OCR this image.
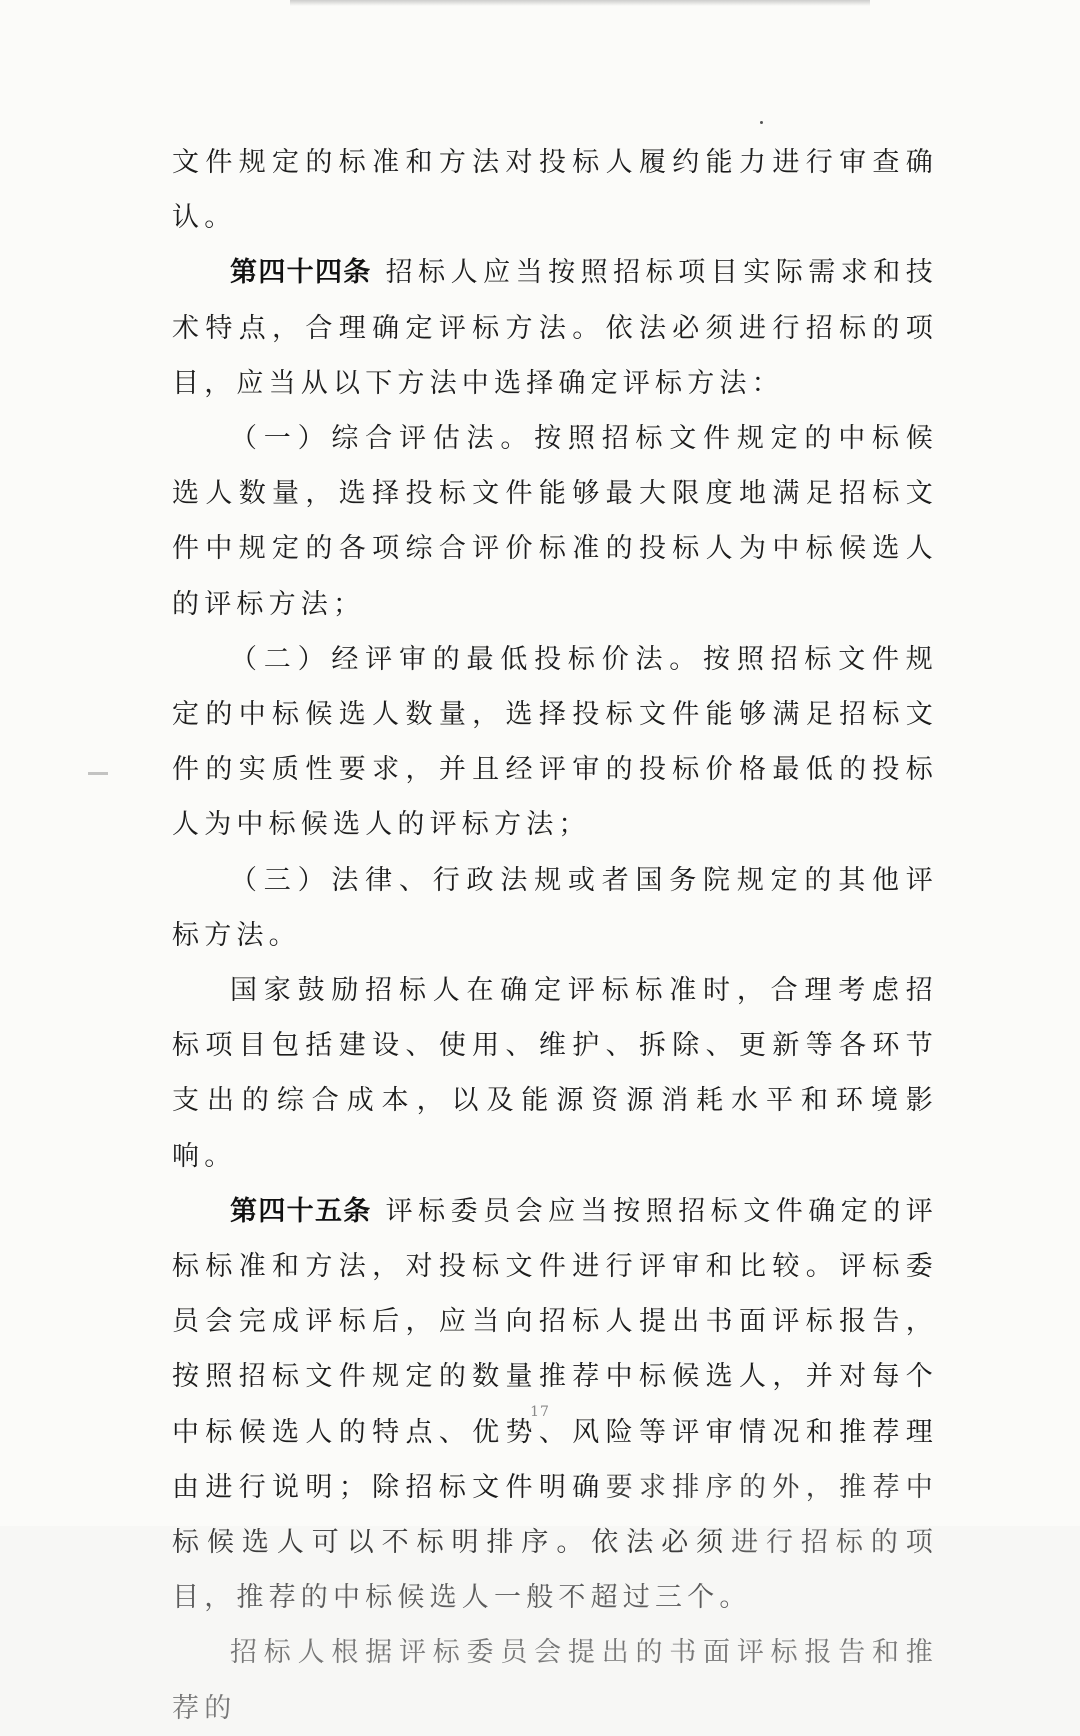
文件规定的标准和方法对投标人履约能力进行审查确认。

第四十四条 招标人应当按照招标项目实际需求和技术特点，合理确定评标方法。依法必须进行招标的项目，应当从以下方法中选择确定评标方法：

（一）综合评估法。按照招标文件规定的中标候选人数量，选择投标文件能够最大限度地满足招标文件中规定的各项综合评价标准的投标人为中标候选人的评标方法；

（二）经评审的最低投标价法。按照招标文件规定的中标候选人数量，选择投标文件能够满足招标文件的实质性要求，并且经评审的投标价格最低的投标人为中标候选人的评标方法；

（三）法律、行政法规或者国务院规定的其他评标方法。

国家鼓励招标人在确定评标标准时，合理考虑招标项目包括建设、使用、维护、拆除、更新等各环节支出的综合成本，以及能源资源消耗水平和环境影响。

第四十五条 评标委员会应当按照招标文件确定的评标标准和方法，对投标文件进行评审和比较。评标委员会完成评标后，应当向招标人提出书面评标报告，按照招标文件规定的数量推荐中标候选人，并对每个中标候选人的特点、优势、风险等评审情况和推荐理由进行说明；除招标文件明确要求排序的外，推荐中标候选人可以不标明排序。依法必须进行招标的项目，推荐的中标候选人一般不超过三个。

招标人根据评标委员会提出的书面评标报告和推荐的

17
